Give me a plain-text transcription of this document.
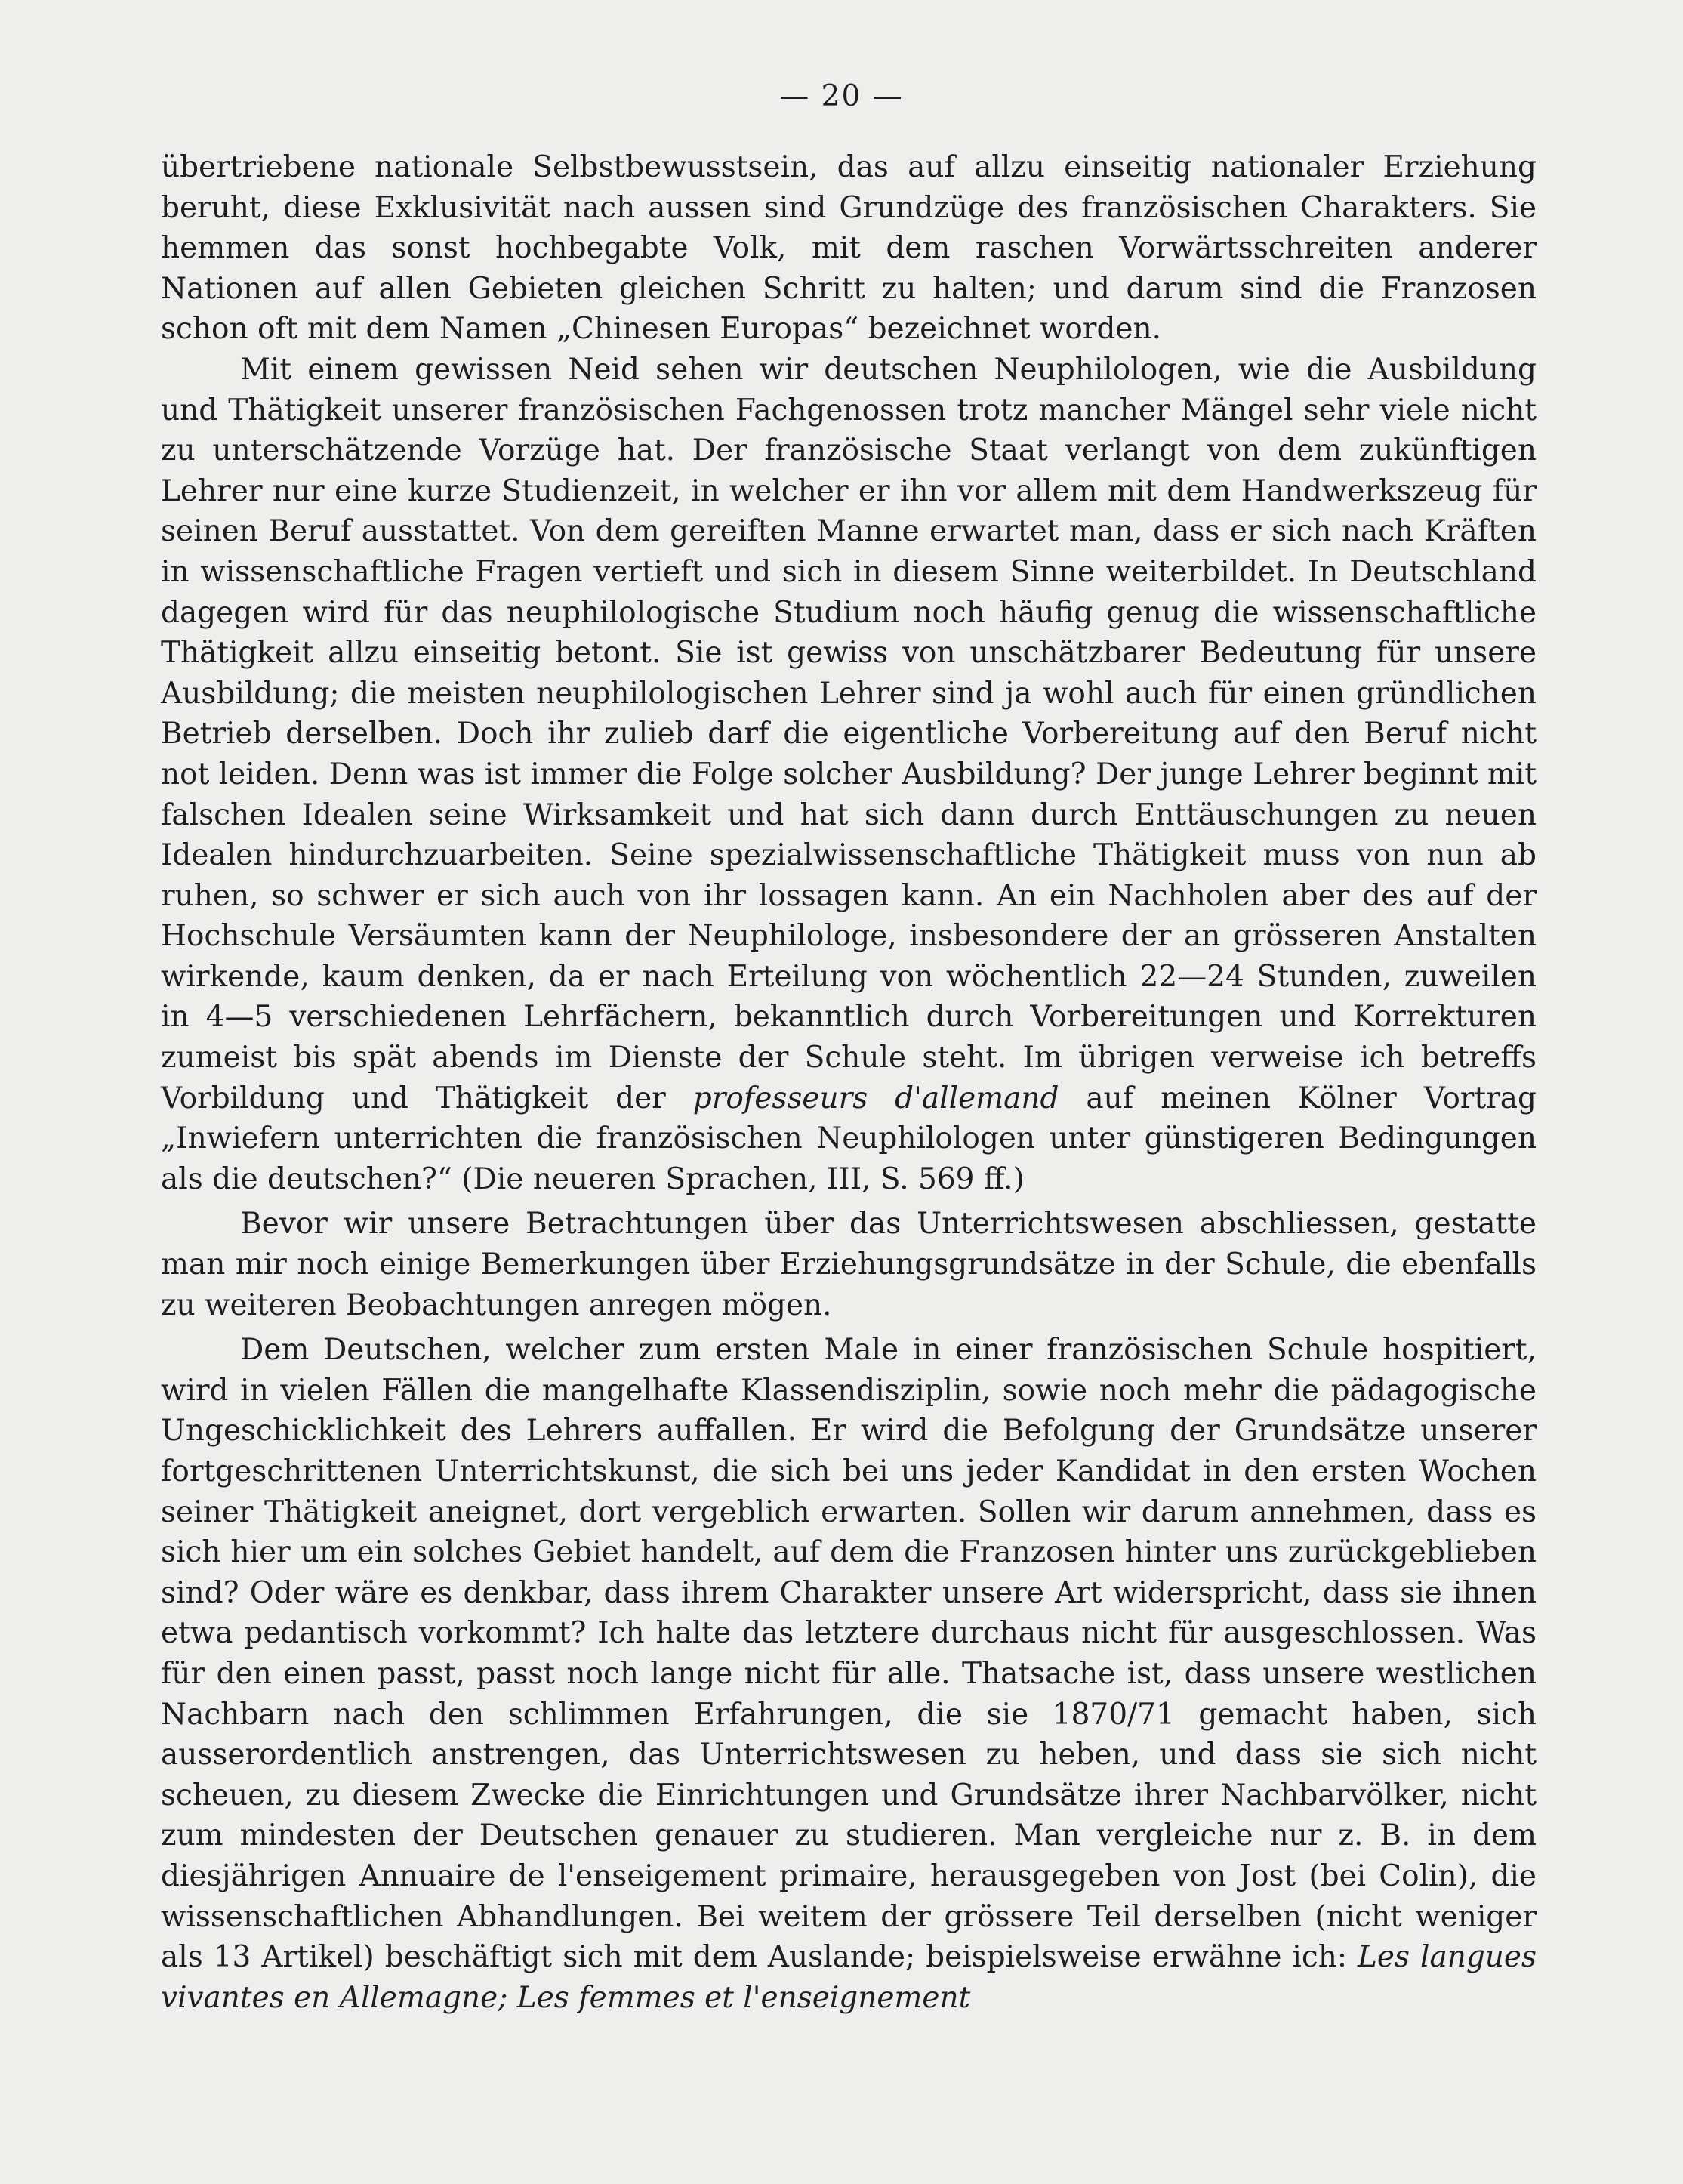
— 20 —

übertriebene nationale Selbstbewusstsein, das auf allzu einseitig nationaler Erziehung beruht, diese Exklusivität nach aussen sind Grundzüge des französischen Charakters. Sie hemmen das sonst hochbegabte Volk, mit dem raschen Vorwärtsschreiten anderer Nationen auf allen Gebieten gleichen Schritt zu halten; und darum sind die Franzosen schon oft mit dem Namen „Chinesen Europas“ bezeichnet worden.

Mit einem gewissen Neid sehen wir deutschen Neuphilologen, wie die Ausbildung und Thätigkeit unserer französischen Fachgenossen trotz mancher Mängel sehr viele nicht zu unterschätzende Vorzüge hat. Der französische Staat verlangt von dem zukünftigen Lehrer nur eine kurze Studienzeit, in welcher er ihn vor allem mit dem Handwerkszeug für seinen Beruf ausstattet. Von dem gereiften Manne erwartet man, dass er sich nach Kräften in wissenschaftliche Fragen vertieft und sich in diesem Sinne weiterbildet. In Deutschland dagegen wird für das neuphilologische Studium noch häufig genug die wissenschaftliche Thätigkeit allzu einseitig betont. Sie ist gewiss von unschätzbarer Bedeutung für unsere Ausbildung; die meisten neuphilologischen Lehrer sind ja wohl auch für einen gründlichen Betrieb derselben. Doch ihr zulieb darf die eigentliche Vorbereitung auf den Beruf nicht not leiden. Denn was ist immer die Folge solcher Ausbildung? Der junge Lehrer beginnt mit falschen Idealen seine Wirksamkeit und hat sich dann durch Enttäuschungen zu neuen Idealen hindurchzuarbeiten. Seine spezialwissenschaftliche Thätigkeit muss von nun ab ruhen, so schwer er sich auch von ihr lossagen kann. An ein Nachholen aber des auf der Hochschule Versäumten kann der Neuphilologe, insbesondere der an grösseren Anstalten wirkende, kaum denken, da er nach Erteilung von wöchentlich 22—24 Stunden, zuweilen in 4—5 verschiedenen Lehrfächern, bekanntlich durch Vorbereitungen und Korrekturen zumeist bis spät abends im Dienste der Schule steht. Im übrigen verweise ich betreffs Vorbildung und Thätigkeit der professeurs d'allemand auf meinen Kölner Vortrag „Inwiefern unterrichten die französischen Neuphilologen unter günstigeren Bedingungen als die deutschen?“ (Die neueren Sprachen, III, S. 569 ff.)

Bevor wir unsere Betrachtungen über das Unterrichtswesen abschliessen, gestatte man mir noch einige Bemerkungen über Erziehungsgrundsätze in der Schule, die ebenfalls zu weiteren Beobachtungen anregen mögen.

Dem Deutschen, welcher zum ersten Male in einer französischen Schule hospitiert, wird in vielen Fällen die mangelhafte Klassendisziplin, sowie noch mehr die pädagogische Ungeschicklichkeit des Lehrers auffallen. Er wird die Befolgung der Grundsätze unserer fortgeschrittenen Unterrichtskunst, die sich bei uns jeder Kandidat in den ersten Wochen seiner Thätigkeit aneignet, dort vergeblich erwarten. Sollen wir darum annehmen, dass es sich hier um ein solches Gebiet handelt, auf dem die Franzosen hinter uns zurückgeblieben sind? Oder wäre es denkbar, dass ihrem Charakter unsere Art widerspricht, dass sie ihnen etwa pedantisch vorkommt? Ich halte das letztere durchaus nicht für ausgeschlossen. Was für den einen passt, passt noch lange nicht für alle. Thatsache ist, dass unsere westlichen Nachbarn nach den schlimmen Erfahrungen, die sie 1870/71 gemacht haben, sich ausserordentlich anstrengen, das Unterrichtswesen zu heben, und dass sie sich nicht scheuen, zu diesem Zwecke die Einrichtungen und Grundsätze ihrer Nachbarvölker, nicht zum mindesten der Deutschen genauer zu studieren. Man vergleiche nur z. B. in dem diesjährigen Annuaire de l'enseigement primaire, herausgegeben von Jost (bei Colin), die wissenschaftlichen Abhandlungen. Bei weitem der grössere Teil derselben (nicht weniger als 13 Artikel) beschäftigt sich mit dem Auslande; beispielsweise erwähne ich: Les langues vivantes en Allemagne; Les femmes et l'enseignement
